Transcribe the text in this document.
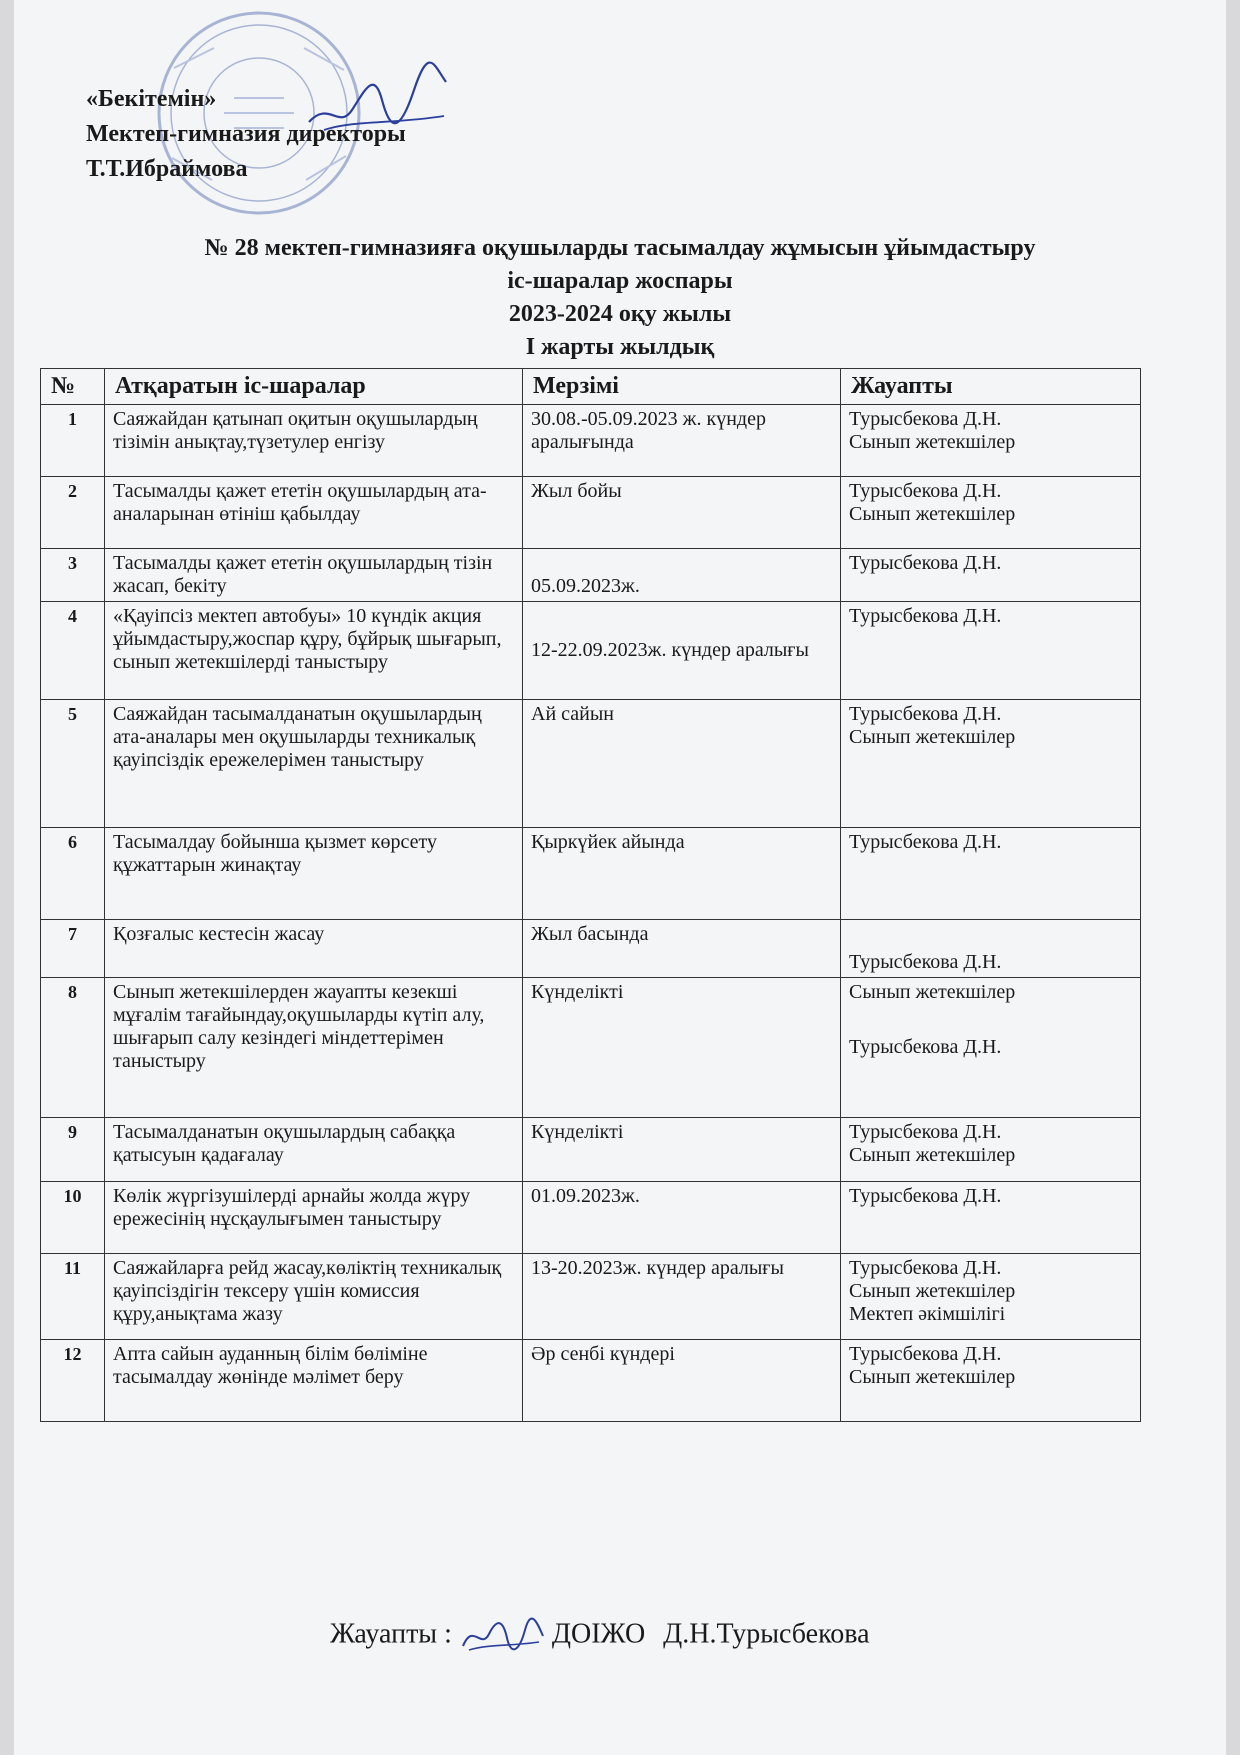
«Бекітемін»
Мектеп-гимназия директоры
Т.Т.Ибраймова
№ 28 мектеп-гимназияға оқушыларды тасымалдау жұмысын ұйымдастыру
іс-шаралар жоспары
2023-2024 оқу жылы
I жарты жылдық
№	Атқаратын іс-шаралар	Мерзімі	Жауапты
1	Саяжайдан қатынап оқитын оқушылардың тізімін анықтау,түзетулер енгізу	30.08.-05.09.2023 ж. күндер аралығында	Турысбекова Д.Н.
Сынып жетекшілер

2	Тасымалды қажет ететін оқушылардың ата-аналарынан өтініш қабылдау	Жыл бойы	Турысбекова Д.Н.
Сынып жетекшілер

3	Тасымалды қажет ететін оқушылардың тізін жасап, бекіту	05.09.2023ж.	Турысбекова Д.Н.

4	«Қауіпсіз мектеп автобуы» 10 күндік акция ұйымдастыру,жоспар құру, бұйрық шығарып, сынып жетекшілерді таныстыру	12-22.09.2023ж. күндер аралығы	Турысбекова Д.Н.

5	Саяжайдан тасымалданатын оқушылардың ата-аналары мен оқушыларды техникалық қауіпсіздік ережелерімен таныстыру	Ай сайын	Турысбекова Д.Н.
Сынып жетекшілер

6	Тасымалдау бойынша қызмет көрсету құжаттарын жинақтау	Қыркүйек айында	Турысбекова Д.Н.

7	Қозғалыс кестесін жасау	Жыл басында	Турысбекова Д.Н.

8	Сынып жетекшілерден жауапты кезекші мұғалім тағайындау,оқушыларды күтіп алу, шығарып салу кезіндегі міндеттерімен таныстыру	Күнделікті	Сынып жетекшілер
Турысбекова Д.Н.

9	Тасымалданатын оқушылардың сабаққа қатысуын қадағалау	Күнделікті	Турысбекова Д.Н.
Сынып жетекшілер

10	Көлік жүргізушілерді арнайы жолда жүру ережесінің нұсқаулығымен таныстыру	01.09.2023ж.	Турысбекова Д.Н.

11	Саяжайларға рейд жасау,көліктің техникалық қауіпсіздігін тексеру үшін комиссия құру,анықтама жазу	13-20.2023ж. күндер аралығы	Турысбекова Д.Н.
Сынып жетекшілер
Мектеп әкімшілігі

12	Апта сайын ауданның білім бөліміне тасымалдау жөнінде мәлімет беру	Әр сенбі күндері	Турысбекова Д.Н.
Сынып жетекшілер
Жауапты :	ДОІЖО Д.Н.Турысбекова
